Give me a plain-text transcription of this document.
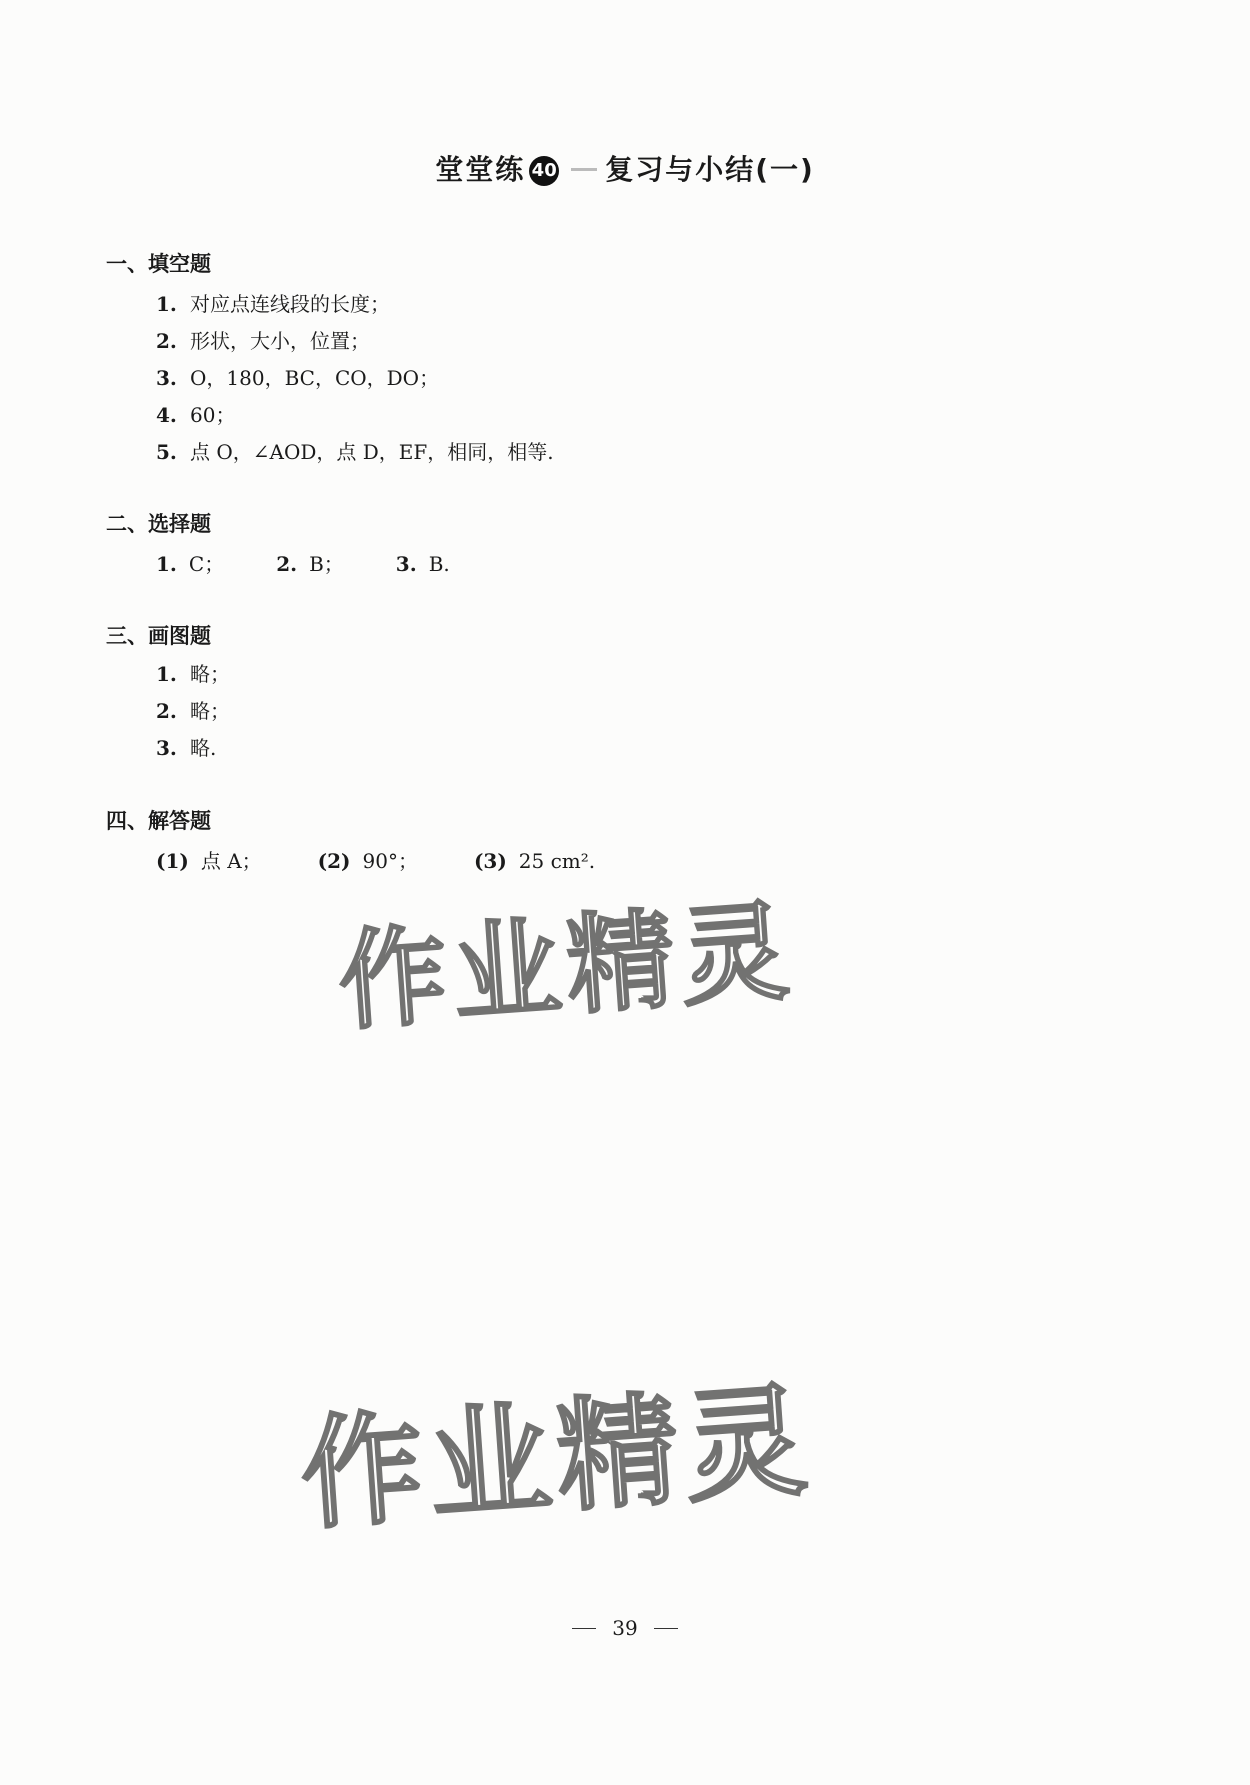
堂堂练 40 复习与小结(一)
一、填空题
1. 对应点连线段的长度；
2. 形状，大小，位置；
3. O，180，BC，CO，DO；
4. 60；
5. 点 O，∠AOD，点 D，EF，相同，相等.
二、选择题
1. C；	2. B；	3. B.
三、画图题
1. 略；
2. 略；
3. 略.
四、解答题
(1) 点 A；	(2) 90°；	(3) 25 cm².
作业精灵
作业精灵
39
